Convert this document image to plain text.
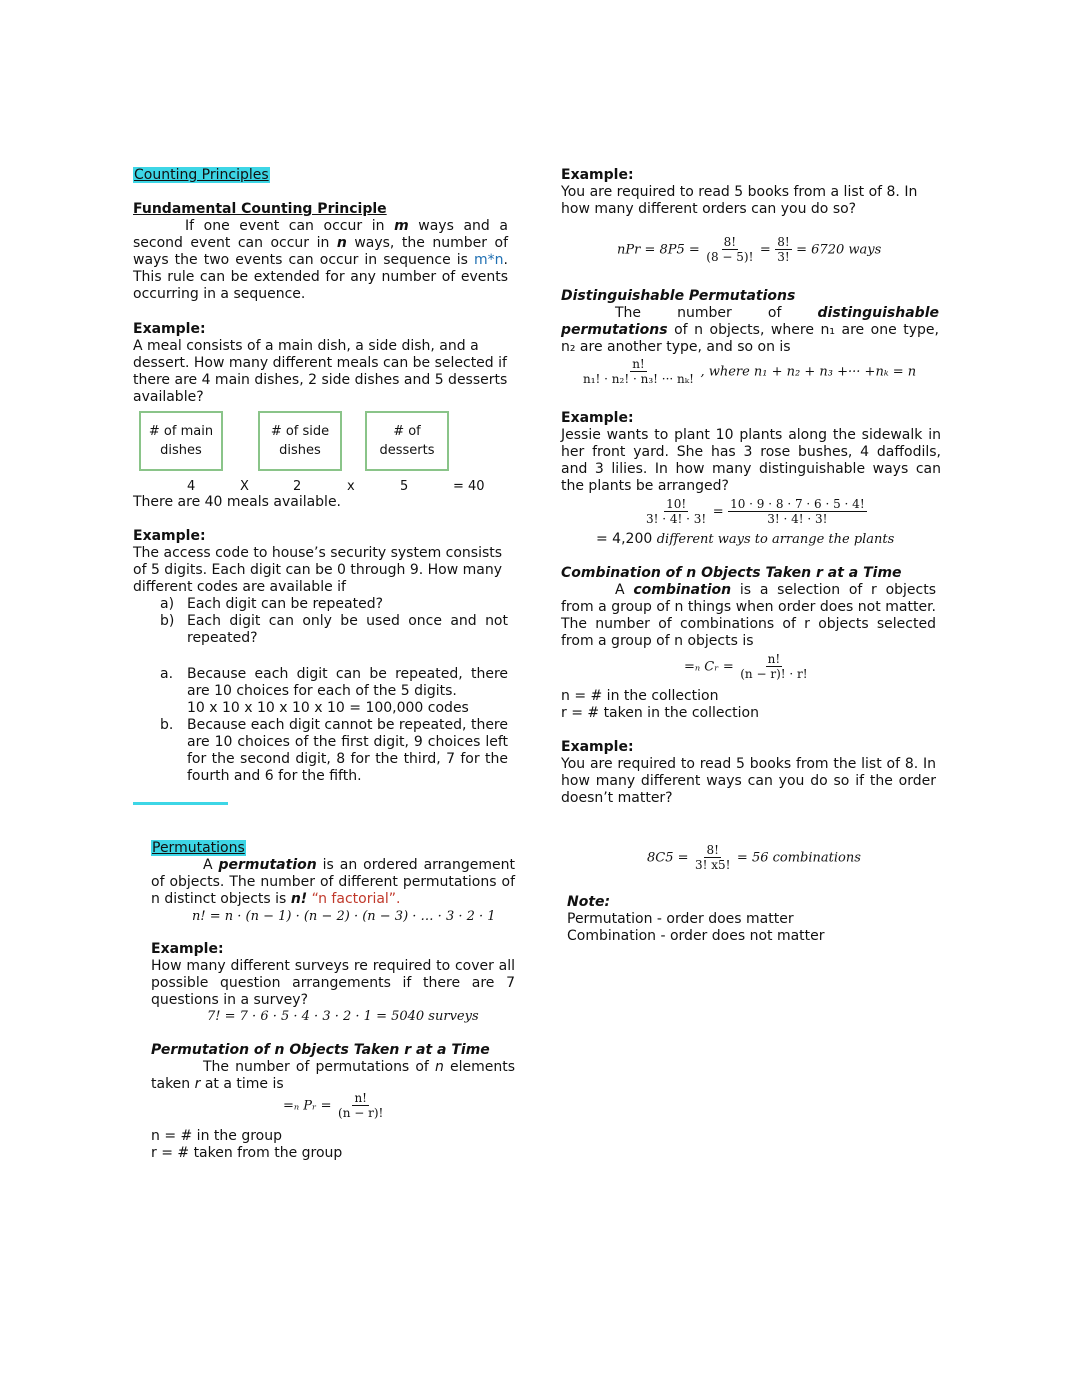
Counting Principles
Fundamental Counting Principle
If one event can occur in m ways and a second event can occur in n ways, the number of ways the two events can occur in sequence is m*n. This rule can be extended for any number of events occurring in a sequence.
Example:
A meal consists of a main dish, a side dish, and a dessert. How many different meals can be selected if there are 4 main dishes, 2 side dishes and 5 desserts available?
# of main
dishes
# of side
dishes
# of
desserts
4	X	2	x	5	= 40
There are 40 meals available.
Example:
The access code to house’s security system consists of 5 digits. Each digit can be 0 through 9. How many different codes are available if
a) Each digit can be repeated?
b) Each digit can only be used once and not repeated?
a. Because each digit can be repeated, there are 10 choices for each of the 5 digits.
10 x 10 x 10 x 10 x 10 = 100,000 codes
b. Because each digit cannot be repeated, there are 10 choices of the first digit, 9 choices left for the second digit, 8 for the third, 7 for the fourth and 6 for the fifth.
Permutations
A permutation is an ordered arrangement of objects. The number of different permutations of n distinct objects is n! “n factorial”.
n! = n · (n − 1) · (n − 2) · (n − 3) · … · 3 · 2 · 1
Example:
How many different surveys re required to cover all possible question arrangements if there are 7 questions in a survey?
7! = 7 · 6 · 5 · 4 · 3 · 2 · 1 = 5040 surveys
Permutation of n Objects Taken r at a Time
The number of permutations of n elements taken r at a time is
=ₙ Pᵣ = $\frac{n!}{(n - r)!}$
n = # in the group
r = # taken from the group
Example:
You are required to read 5 books from a list of 8. In how many different orders can you do so?
nPr = $8P5 = \frac{8!}{(8 - 5)!} = \frac{8!}{3!} = 6720$ ways
Distinguishable Permutations
The number of distinguishable permutations of n objects, where n₁ are one type, n₂ are another type, and so on is
$\frac{n!}{\text{n₁! · n₂! · n₃! ··· nₖ!}}$ , where n₁ + n₂ + n₃ +··· +nₖ = n
Example:
Jessie wants to plant 10 plants along the sidewalk in her front yard. She has 3 rose bushes, 4 daffodils, and 3 lilies. In how many distinguishable ways can the plants be arranged?
$\frac{10!}{3! \cdot 4! \cdot 3!} = \frac{10 \cdot 9 \cdot 8 \cdot 7 \cdot 6 \cdot 5 \cdot 4!}{3! \cdot 4! \cdot 3!}$
= 4,200 different ways to arrange the plants
Combination of n Objects Taken r at a Time
A combination is a selection of r objects from a group of n things when order does not matter. The number of combinations of r objects selected from a group of n objects is
=ₙ Cᵣ = $\frac{n!}{(n - r)! \cdot r!}$
n = # in the collection
r = # taken in the collection
Example:
You are required to read 5 books from the list of 8. In how many different ways can you do so if the order doesn’t matter?
$8C5 = \frac{8!}{3! x5!} = 56$ combinations
Note:
Permutation - order does matter
Combination - order does not matter
